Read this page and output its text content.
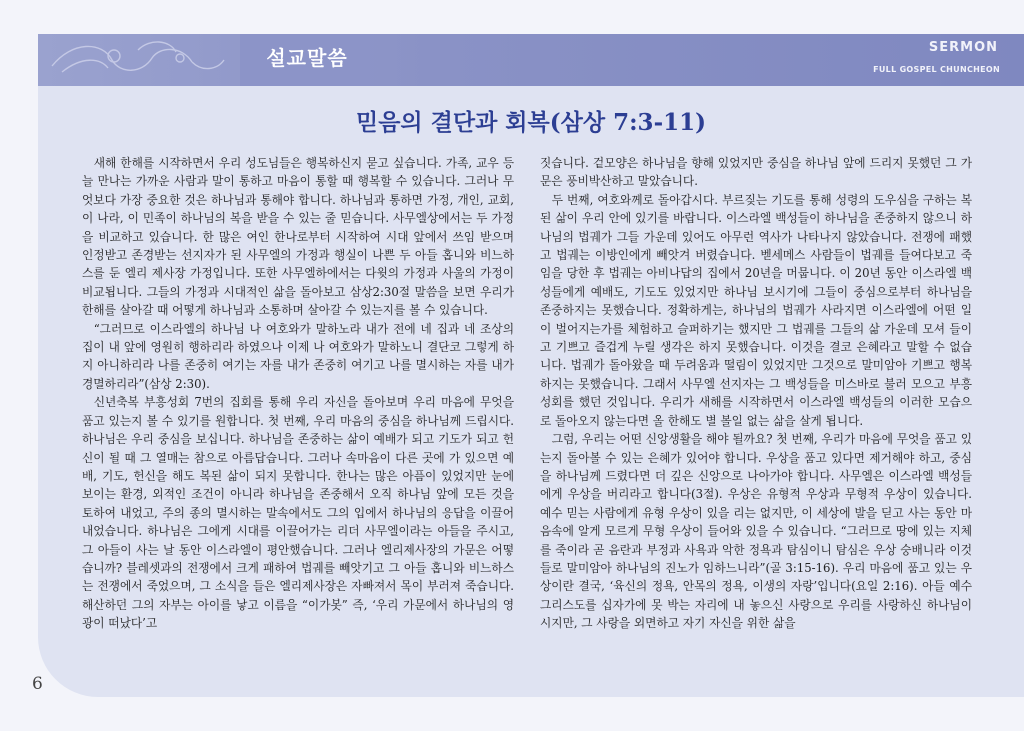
설교말씀	SERMON
FULL GOSPEL CHUNCHEON
믿음의 결단과 회복(삼상 7:3-11)

새해 한해를 시작하면서 우리 성도님들은 행복하신지 묻고 싶습니다. 가족, 교우 등 늘 만나는 가까운 사람과 말이 통하고 마음이 통할 때 행복할 수 있습니다. 그러나 무엇보다 가장 중요한 것은 하나님과 통해야 합니다. 하나님과 통하면 가정, 개인, 교회, 이 나라, 이 민족이 하나님의 복을 받을 수 있는 줄 믿습니다. 사무엘상에서는 두 가정을 비교하고 있습니다. 한 많은 여인 한나로부터 시작하여 시대 앞에서 쓰임 받으며 인정받고 존경받는 선지자가 된 사무엘의 가정과 행실이 나쁜 두 아들 홉니와 비느하스를 둔 엘리 제사장 가정입니다. 또한 사무엘하에서는 다윗의 가정과 사울의 가정이 비교됩니다. 그들의 가정과 시대적인 삶을 돌아보고 삼상2:30절 말씀을 보면 우리가 한해를 살아갈 때 어떻게 하나님과 소통하며 살아갈 수 있는지를 볼 수 있습니다.

“그러므로 이스라엘의 하나님 나 여호와가 말하노라 내가 전에 네 집과 네 조상의 집이 내 앞에 영원히 행하리라 하였으나 이제 나 여호와가 말하노니 결단코 그렇게 하지 아니하리라 나를 존중히 여기는 자를 내가 존중히 여기고 나를 멸시하는 자를 내가 경멸하리라”(삼상 2:30).

신년축복 부흥성회 7번의 집회를 통해 우리 자신을 돌아보며 우리 마음에 무엇을 품고 있는지 볼 수 있기를 원합니다. 첫 번째, 우리 마음의 중심을 하나님께 드립시다. 하나님은 우리 중심을 보십니다. 하나님을 존중하는 삶이 예배가 되고 기도가 되고 헌신이 될 때 그 열매는 참으로 아름답습니다. 그러나 속마음이 다른 곳에 가 있으면 예배, 기도, 헌신을 해도 복된 삶이 되지 못합니다. 한나는 많은 아픔이 있었지만 눈에 보이는 환경, 외적인 조건이 아니라 하나님을 존중해서 오직 하나님 앞에 모든 것을 토하여 내었고, 주의 종의 멸시하는 말속에서도 그의 입에서 하나님의 응답을 이끌어 내었습니다. 하나님은 그에게 시대를 이끌어가는 리더 사무엘이라는 아들을 주시고, 그 아들이 사는 날 동안 이스라엘이 평안했습니다. 그러나 엘리제사장의 가문은 어떻습니까? 블레셋과의 전쟁에서 크게 패하여 법궤를 빼앗기고 그 아들 홉니와 비느하스는 전쟁에서 죽었으며, 그 소식을 들은 엘리제사장은 자빠져서 목이 부러져 죽습니다. 해산하던 그의 자부는 아이를 낳고 이름을 “이가봇” 즉, ‘우리 가문에서 하나님의 영광이 떠났다’고

짓습니다. 겉모양은 하나님을 향해 있었지만 중심을 하나님 앞에 드리지 못했던 그 가문은 풍비박산하고 말았습니다.

두 번째, 여호와께로 돌아갑시다. 부르짖는 기도를 통해 성령의 도우심을 구하는 복된 삶이 우리 안에 있기를 바랍니다. 이스라엘 백성들이 하나님을 존중하지 않으니 하나님의 법궤가 그들 가운데 있어도 아무런 역사가 나타나지 않았습니다. 전쟁에 패했고 법궤는 이방인에게 빼앗겨 버렸습니다. 벧세메스 사람들이 법궤를 들여다보고 죽임을 당한 후 법궤는 아비나답의 집에서 20년을 머뭅니다. 이 20년 동안 이스라엘 백성들에게 예배도, 기도도 있었지만 하나님 보시기에 그들이 중심으로부터 하나님을 존중하지는 못했습니다. 정확하게는, 하나님의 법궤가 사라지면 이스라엘에 어떤 일이 벌어지는가를 체험하고 슬퍼하기는 했지만 그 법궤를 그들의 삶 가운데 모셔 들이고 기쁘고 즐겁게 누릴 생각은 하지 못했습니다. 이것을 결코 은혜라고 말할 수 없습니다. 법궤가 돌아왔을 때 두려움과 떨림이 있었지만 그것으로 말미암아 기쁘고 행복하지는 못했습니다. 그래서 사무엘 선지자는 그 백성들을 미스바로 불러 모으고 부흥성회를 했던 것입니다. 우리가 새해를 시작하면서 이스라엘 백성들의 이러한 모습으로 돌아오지 않는다면 올 한해도 별 볼일 없는 삶을 살게 됩니다.

그럼, 우리는 어떤 신앙생활을 해야 될까요? 첫 번째, 우리가 마음에 무엇을 품고 있는지 돌아볼 수 있는 은혜가 있어야 합니다. 우상을 품고 있다면 제거해야 하고, 중심을 하나님께 드렸다면 더 깊은 신앙으로 나아가야 합니다. 사무엘은 이스라엘 백성들에게 우상을 버리라고 합니다(3절). 우상은 유형적 우상과 무형적 우상이 있습니다. 예수 믿는 사람에게 유형 우상이 있을 리는 없지만, 이 세상에 발을 딛고 사는 동안 마음속에 알게 모르게 무형 우상이 들어와 있을 수 있습니다. “그러므로 땅에 있는 지체를 죽이라 곧 음란과 부정과 사욕과 악한 정욕과 탐심이니 탐심은 우상 숭배니라 이것들로 말미암아 하나님의 진노가 임하느니라”(골 3:15-16). 우리 마음에 품고 있는 우상이란 결국, ‘육신의 정욕, 안목의 정욕, 이생의 자랑’입니다(요일 2:16). 아들 예수그리스도를 십자가에 못 박는 자리에 내 놓으신 사랑으로 우리를 사랑하신 하나님이시지만, 그 사랑을 외면하고 자기 자신을 위한 삶을

6
